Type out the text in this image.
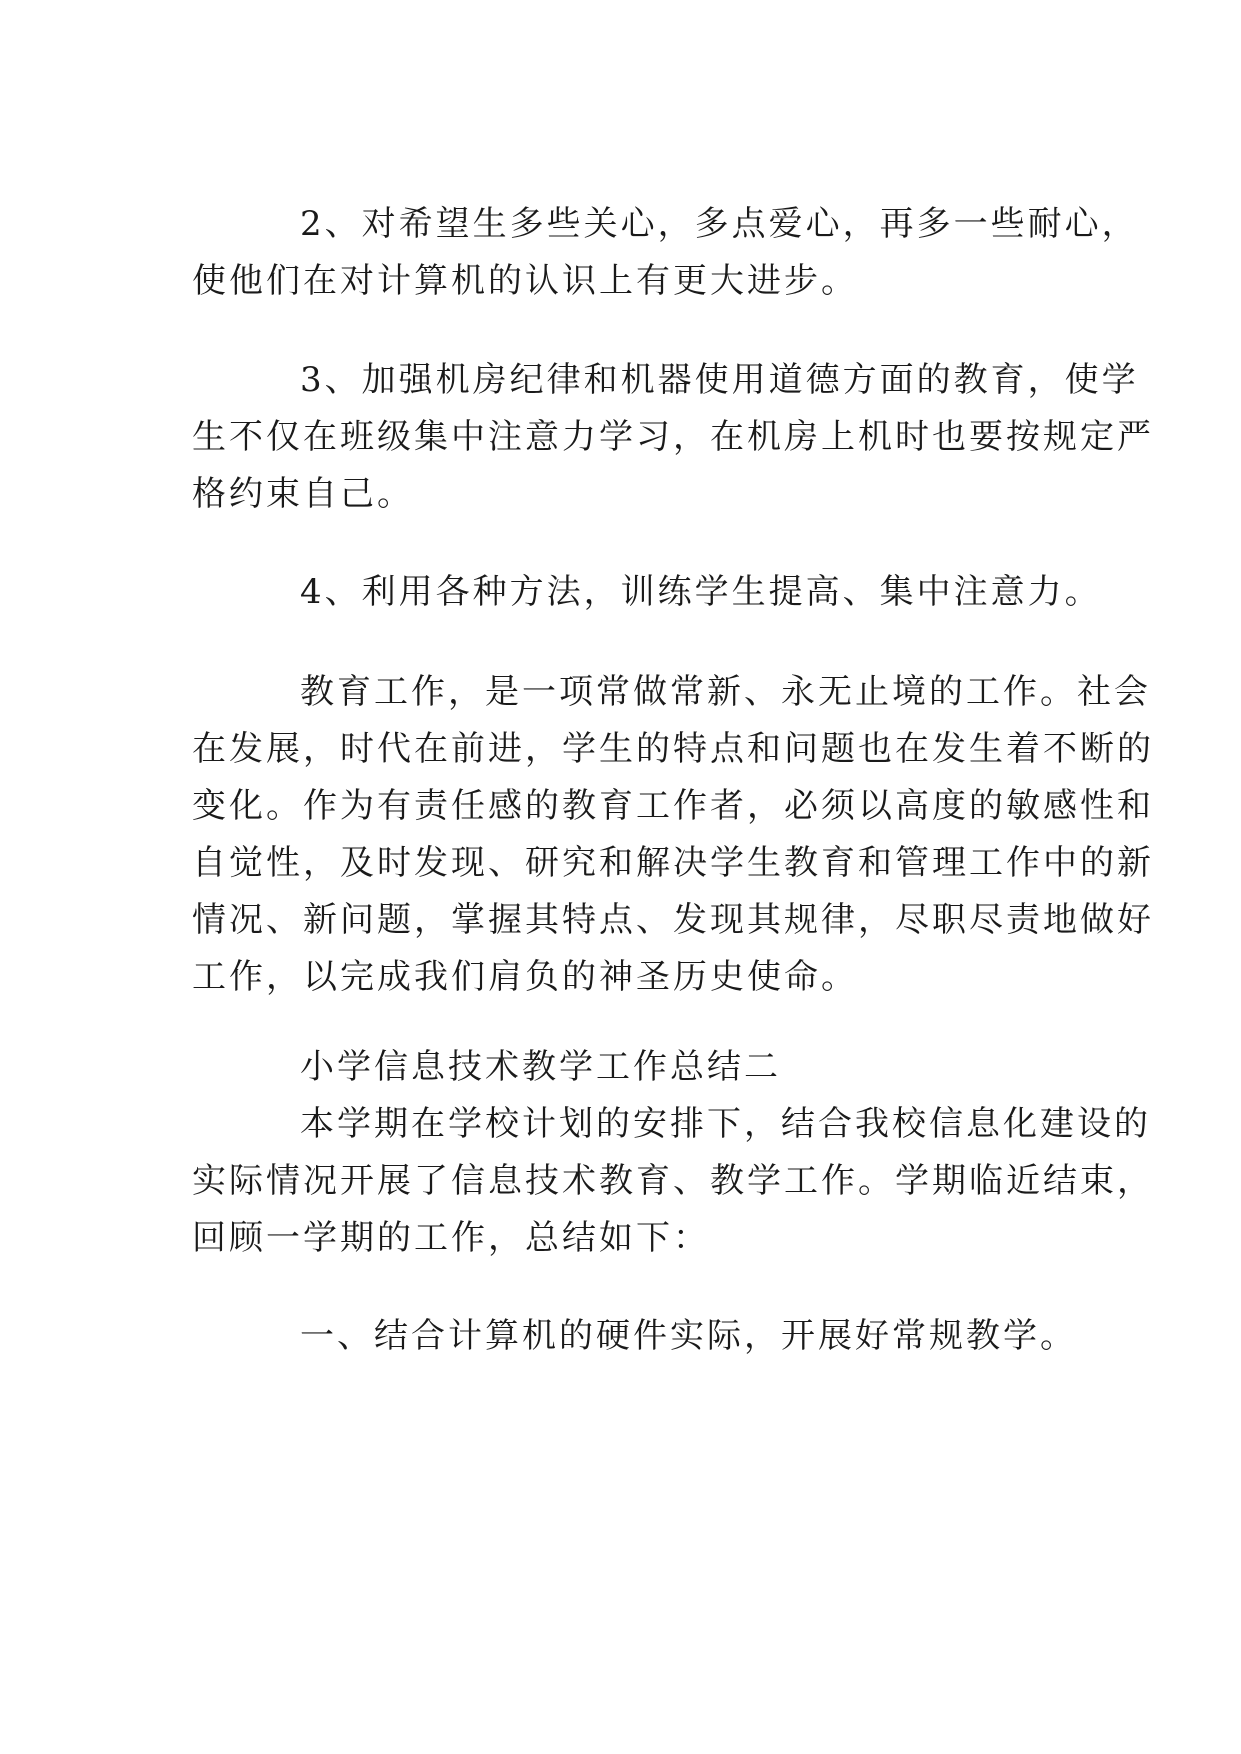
2、对希望生多些关心，多点爱心，再多一些耐心，
使他们在对计算机的认识上有更大进步。

3、加强机房纪律和机器使用道德方面的教育，使学
生不仅在班级集中注意力学习，在机房上机时也要按规定严
格约束自己。

4、利用各种方法，训练学生提高、集中注意力。

教育工作，是一项常做常新、永无止境的工作。社会
在发展，时代在前进，学生的特点和问题也在发生着不断的
变化。作为有责任感的教育工作者，必须以高度的敏感性和
自觉性，及时发现、研究和解决学生教育和管理工作中的新
情况、新问题，掌握其特点、发现其规律，尽职尽责地做好
工作，以完成我们肩负的神圣历史使命。

小学信息技术教学工作总结二

本学期在学校计划的安排下，结合我校信息化建设的
实际情况开展了信息技术教育、教学工作。学期临近结束，
回顾一学期的工作，总结如下：

一、结合计算机的硬件实际，开展好常规教学。
